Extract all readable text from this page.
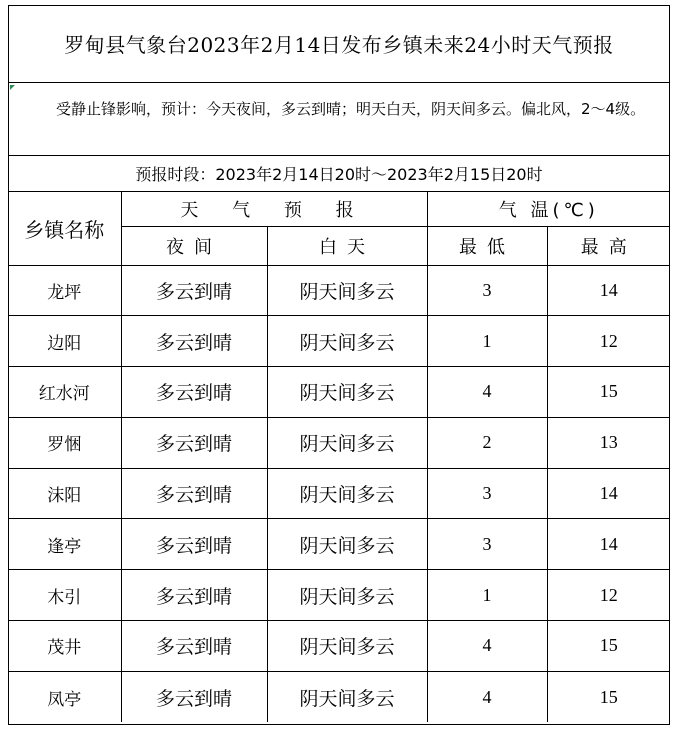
罗甸县气象台2023年2月14日发布乡镇未来24小时天气预报
受静止锋影响，预计：今天夜间，多云到晴；明天白天，阴天间多云。偏北风，2～4级。
预报时段：2023年2月14日20时～2023年2月15日20时
乡镇名称	天 气 预 报		气 温(℃)	
	夜间	白天	最低	最高
龙坪	多云到晴	阴天间多云	3	14
边阳	多云到晴	阴天间多云	1	12
红水河	多云到晴	阴天间多云	4	15
罗悃	多云到晴	阴天间多云	2	13
沫阳	多云到晴	阴天间多云	3	14
逢亭	多云到晴	阴天间多云	3	14
木引	多云到晴	阴天间多云	1	12
茂井	多云到晴	阴天间多云	4	15
凤亭	多云到晴	阴天间多云	4	15
